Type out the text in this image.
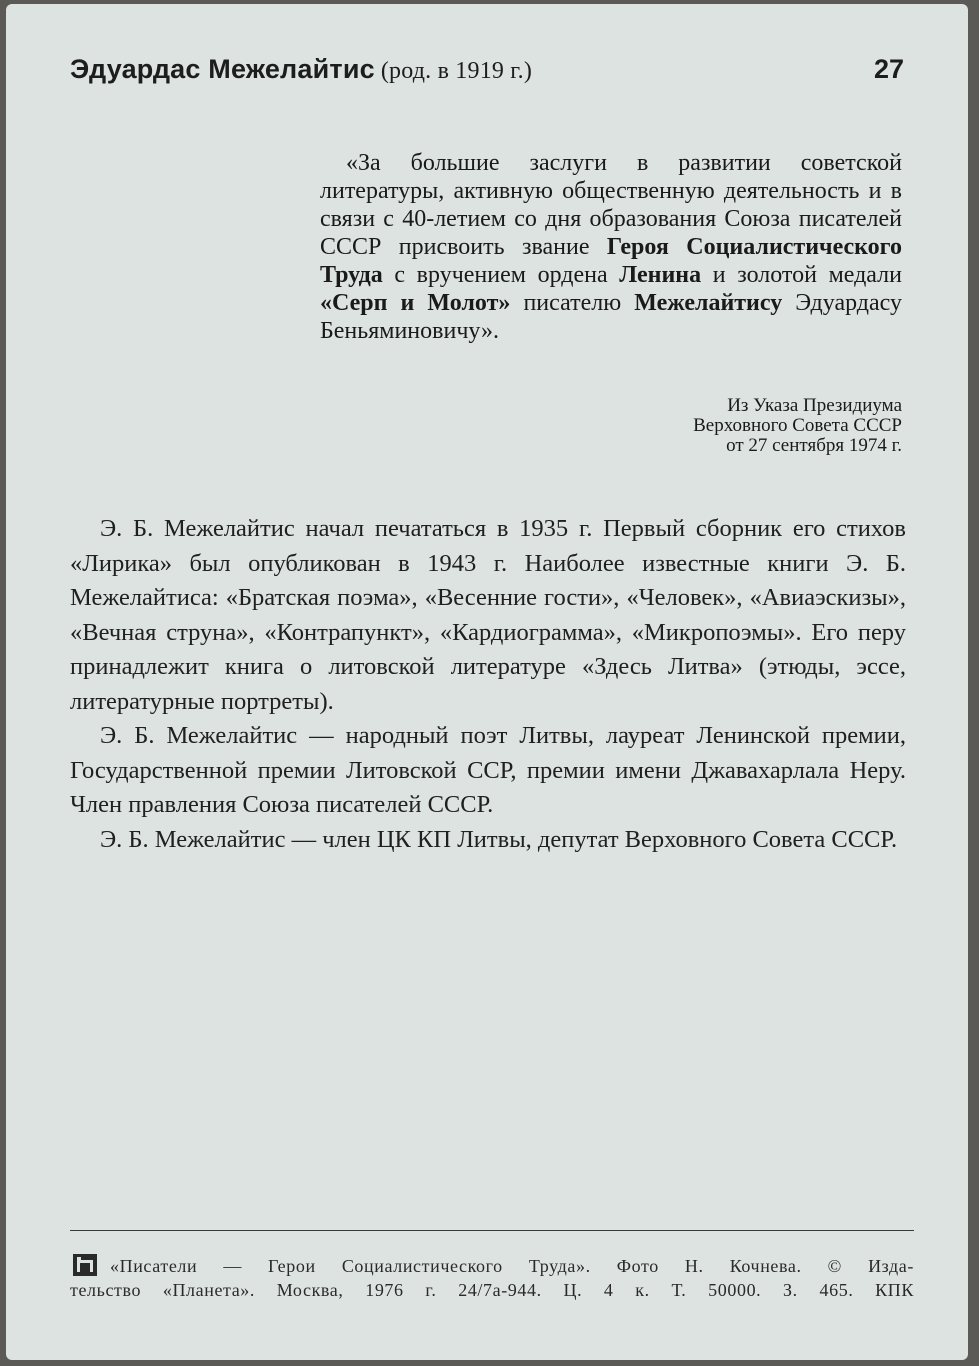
Эдуардас Межелайтис (род. в 1919 г.)	27

«За большие заслуги в развитии советской литературы, активную общественную деятельность и в связи с 40-летием со дня образования Союза писателей СССР присвоить звание Героя Социалистического Труда с вручением ордена Ленина и золотой медали «Серп и Молот» писателю Межелайтису Эдуардасу Беньяминовичу».

Из Указа Президиума
Верховного Совета СССР
от 27 сентября 1974 г.

Э. Б. Межелайтис начал печататься в 1935 г. Первый сборник его стихов «Лирика» был опубликован в 1943 г. Наиболее известные книги Э. Б. Межелайтиса: «Братская поэма», «Весенние гости», «Человек», «Авиаэскизы», «Вечная струна», «Контрапункт», «Кардиограмма», «Микропоэмы». Его перу принадлежит книга о литовской литературе «Здесь Литва» (этюды, эссе, литературные портреты).

Э. Б. Межелайтис — народный поэт Литвы, лауреат Ленинской премии, Государственной премии Литовской ССР, премии имени Джавахарлала Неру. Член правления Союза писателей СССР.

Э. Б. Межелайтис — член ЦК КП Литвы, депутат Верховного Совета СССР.

«Писатели — Герои Социалистического Труда». Фото Н. Кочнева. © Изда-
тельство «Планета». Москва, 1976 г. 24/7а-944. Ц. 4 к. Т. 50000. З. 465. КПК
